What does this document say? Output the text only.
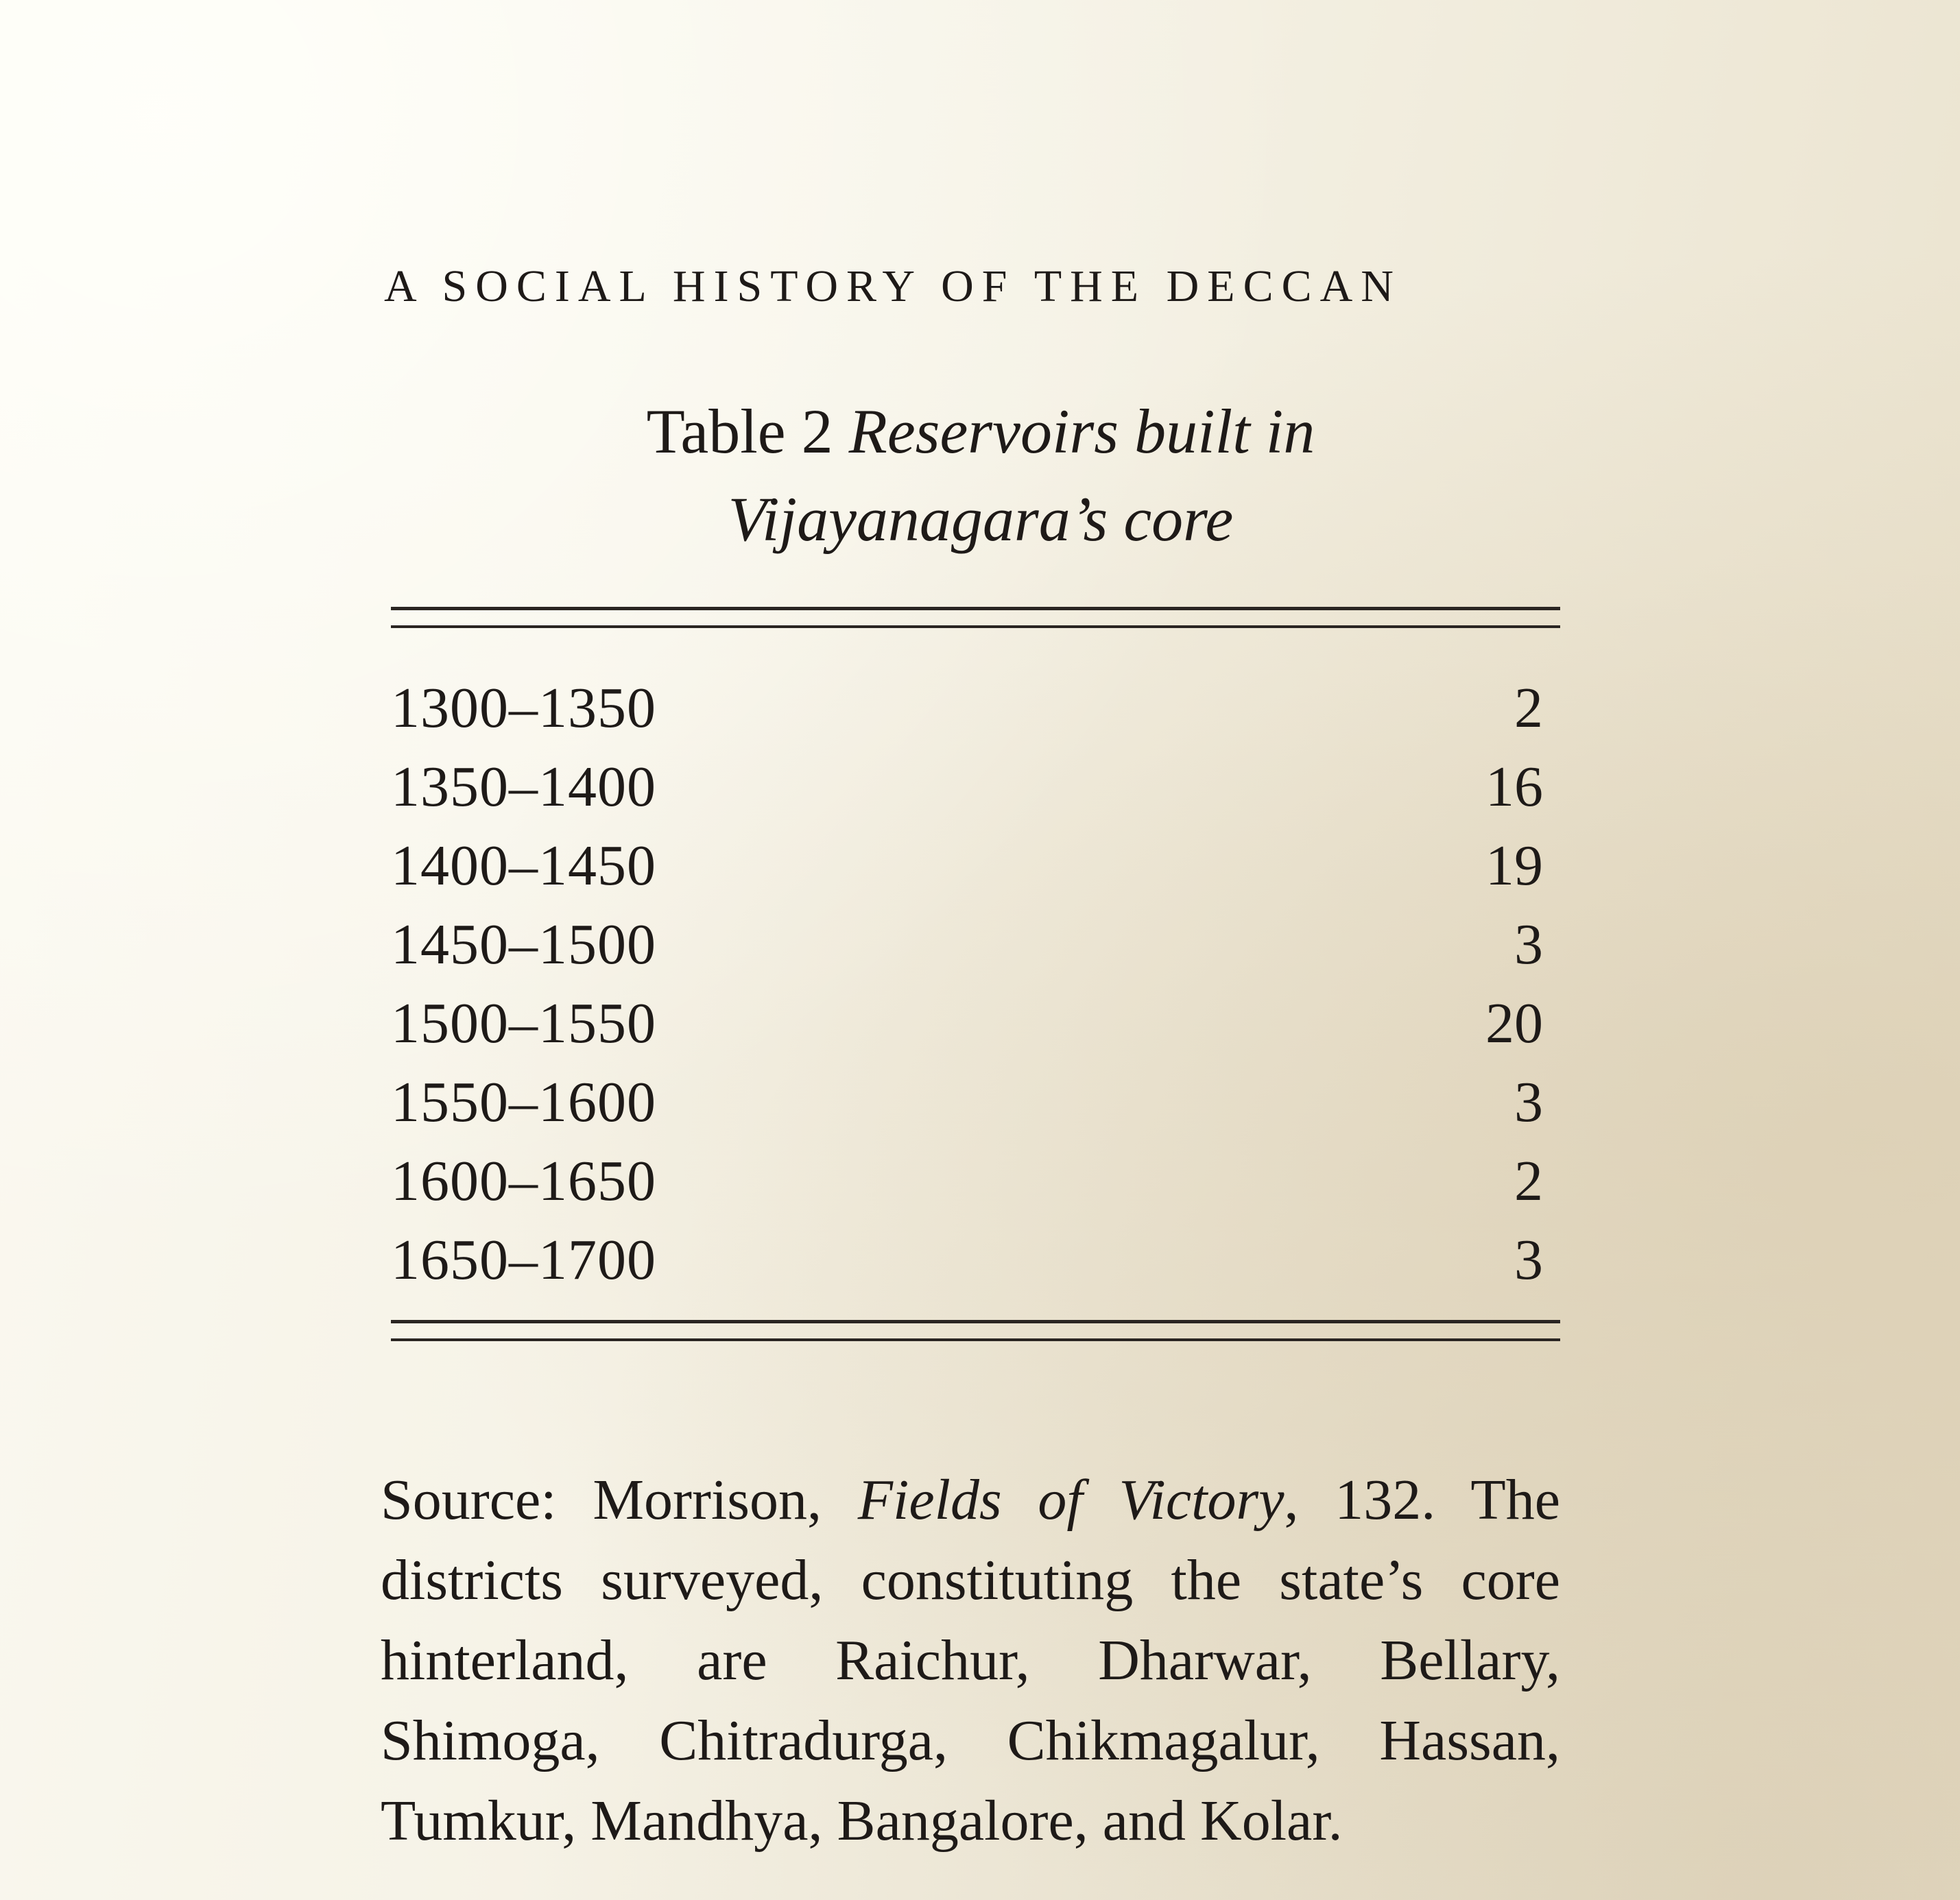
A SOCIAL HISTORY OF THE DECCAN
Table 2 Reservoirs built in
Vijayanagara’s core
1300–1350	2
1350–1400	16
1400–1450	19
1450–1500	3
1500–1550	20
1550–1600	3
1600–1650	2
1650–1700	3

Source: Morrison, Fields of Victory, 132. The districts surveyed, constituting the state’s core hinterland, are Raichur, Dharwar, Bellary, Shimoga, Chitradurga, Chikmagalur, Hassan, Tumkur, Mandhya, Bangalore, and Kolar.
